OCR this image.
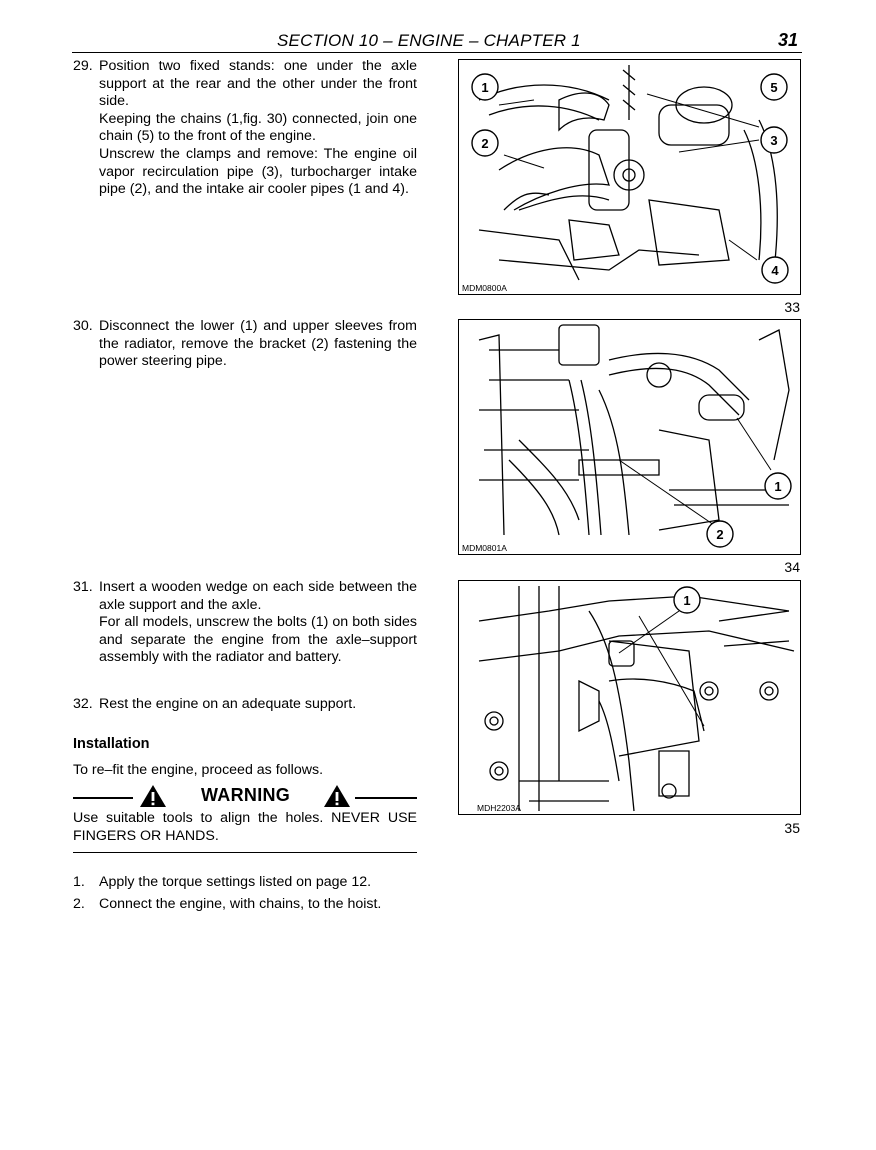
SECTION 10 – ENGINE – CHAPTER 1	31
29. Position two fixed stands: one under the axle support at the rear and the other under the front side.

Keeping the chains (1,fig. 30) connected, join one chain (5) to the front of the engine.

Unscrew the clamps and remove: The engine oil vapor recirculation pipe (3), turbocharger intake pipe (2), and the intake air cooler pipes (1 and 4).

1
2	3
4
5
MDM0800A
33
30. Disconnect the lower (1) and upper sleeves from the radiator, remove the bracket (2) fastening the power steering pipe.

1
2
MDM0801A
34
31. Insert a wooden wedge on each side between the axle support and the axle.

For all models, unscrew the bolts (1) on both sides and separate the engine from the axle–support assembly with the radiator and battery.

1
MDH2203A
35
32. Rest the engine on an adequate support.

Installation
To re–fit the engine, proceed as follows.
WARNING
Use suitable tools to align the holes. NEVER USE FINGERS OR HANDS.
1. Apply the torque settings listed on page 12.
2. Connect the engine, with chains, to the hoist.
